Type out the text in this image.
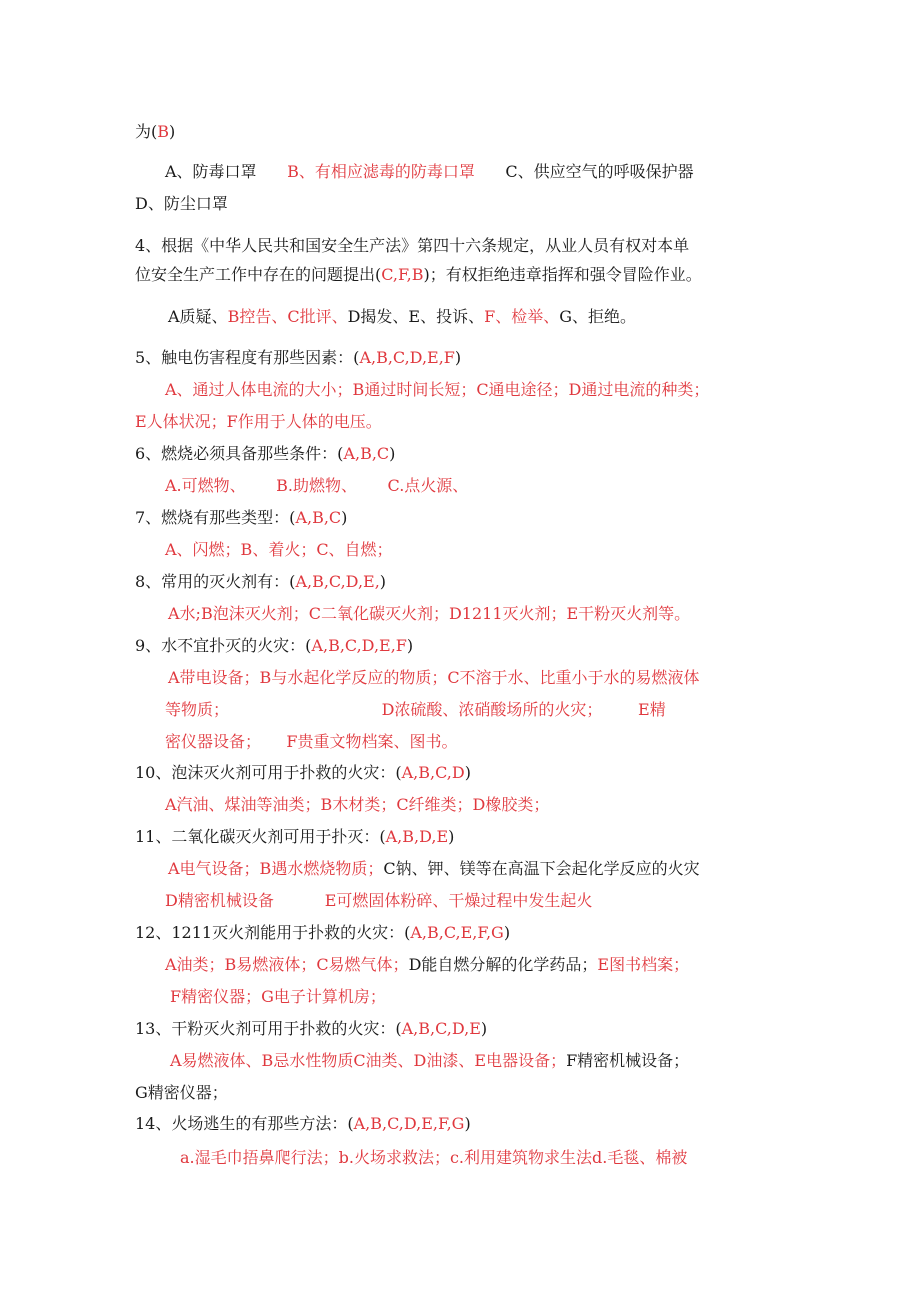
为(B)
A、防毒口罩      B、有相应滤毒的防毒口罩      C、供应空气的呼吸保护器
D、防尘口罩
4、根据《中华人民共和国安全生产法》第四十六条规定，从业人员有权对本单
位安全生产工作中存在的问题提出(C,F,B)；有权拒绝违章指挥和强令冒险作业。
A质疑、B控告、C批评、D揭发、E、投诉、F、检举、G、拒绝。
5、触电伤害程度有那些因素：(A,B,C,D,E,F)
A、通过人体电流的大小；B通过时间长短；C通电途径；D通过电流的种类；
E人体状况；F作用于人体的电压。
6、燃烧必须具备那些条件：(A,B,C)
A.可燃物、      B.助燃物、      C.点火源、
7、燃烧有那些类型：(A,B,C)
A、闪燃；B、着火；C、自燃；
8、常用的灭火剂有：(A,B,C,D,E,)
A水;B泡沫灭火剂；C二氧化碳灭火剂；D1211灭火剂；E干粉灭火剂等。
9、水不宜扑灭的火灾：(A,B,C,D,E,F)
A带电设备；B与水起化学反应的物质；C不溶于水、比重小于水的易燃液体
等物质；                              D浓硫酸、浓硝酸场所的火灾；       E精
密仪器设备；     F贵重文物档案、图书。
10、泡沫灭火剂可用于扑救的火灾：(A,B,C,D)
A汽油、煤油等油类；B木材类；C纤维类；D橡胶类；
11、二氧化碳灭火剂可用于扑灭：(A,B,D,E)
A电气设备；B遇水燃烧物质；C钠、钾、镁等在高温下会起化学反应的火灾
D精密机械设备          E可燃固体粉碎、干燥过程中发生起火
12、1211灭火剂能用于扑救的火灾：(A,B,C,E,F,G)
A油类；B易燃液体；C易燃气体；D能自燃分解的化学药品；E图书档案；
F精密仪器；G电子计算机房；
13、干粉灭火剂可用于扑救的火灾：(A,B,C,D,E)
A易燃液体、B忌水性物质C油类、D油漆、E电器设备；F精密机械设备；
G精密仪器；
14、火场逃生的有那些方法：(A,B,C,D,E,F,G)
a.湿毛巾捂鼻爬行法；b.火场求救法；c.利用建筑物求生法d.毛毯、棉被
